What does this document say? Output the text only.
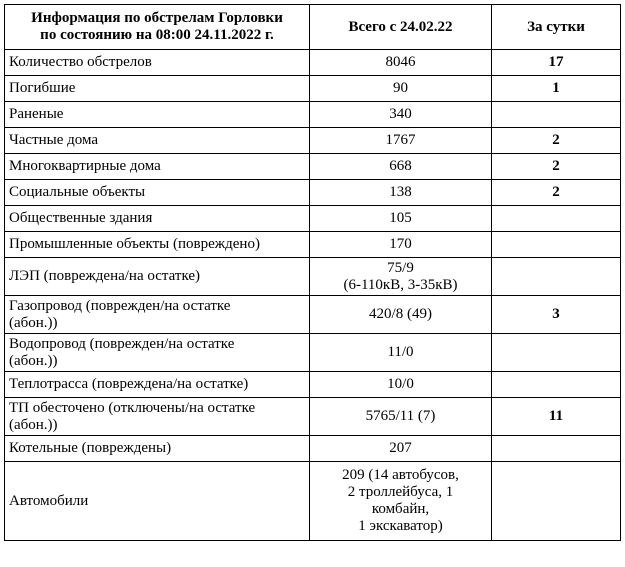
Информация по обстрелам Горловки
по состоянию на 08:00 24.11.2022 г.	Всего с 24.02.22	За сутки
Количество обстрелов	8046	17
Погибшие	90	1
Раненые	340	
Частные дома	1767	2
Многоквартирные дома	668	2
Социальные объекты	138	2
Общественные здания	105	
Промышленные объекты (повреждено)	170	
ЛЭП (повреждена/на остатке)	75/9
(6-110кВ, 3-35кВ)	
Газопровод (поврежден/на остатке
(абон.))	420/8 (49)	3
Водопровод (поврежден/на остатке
(абон.))	11/0	
Теплотрасса (повреждена/на остатке)	10/0	
ТП обесточено (отключены/на остатке
(абон.))	5765/11 (7)	11
Котельные (повреждены)	207	
Автомобили	209 (14 автобусов,
2 троллейбуса, 1
комбайн,
1 экскаватор)	
